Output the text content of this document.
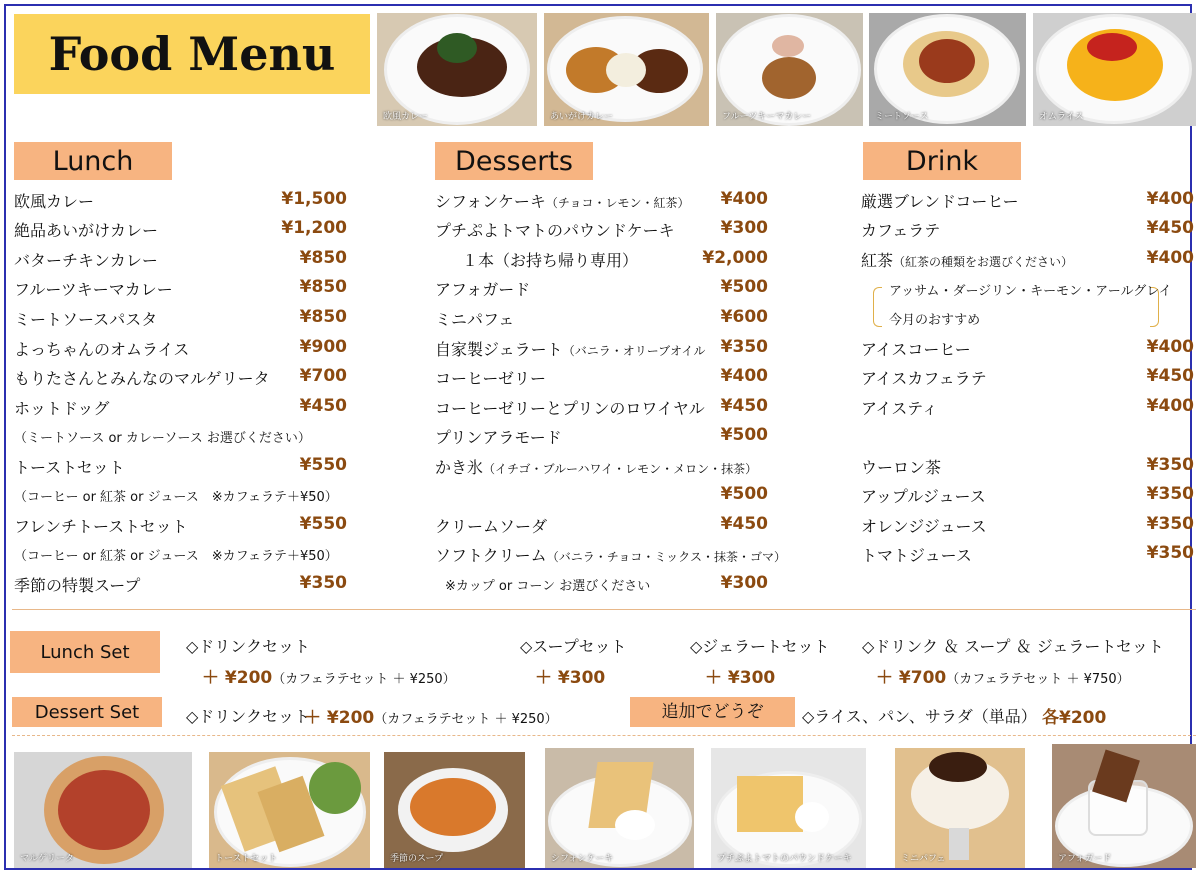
Food Menu
欧風カレー	あいがけカレー	フルーツキーマカレー	ミートソース	オムライス
Lunch	Desserts	Drink
欧風カレー	¥1,500
絶品あいがけカレー	¥1,200
バターチキンカレー	¥850
フルーツキーマカレー	¥850
ミートソースパスタ	¥850
よっちゃんのオムライス	¥900
もりたさんとみんなのマルゲリータ	¥700
ホットドッグ	¥450
（ミートソース or カレーソース お選びください）
トーストセット	¥550
（コーヒー or 紅茶 or ジュース　※カフェラテ＋¥50）
フレンチトーストセット	¥550
（コーヒー or 紅茶 or ジュース　※カフェラテ＋¥50）
季節の特製スープ	¥350
シフォンケーキ（チョコ・レモン・紅茶）	¥400
プチぷよトマトのパウンドケーキ	¥300
１本（お持ち帰り専用）	¥2,000
アフォガード	¥500
ミニパフェ	¥600
自家製ジェラート（バニラ・オリーブオイル ¥350
コーヒーゼリー	¥400
コーヒーゼリーとプリンのロワイヤル ¥450
プリンアラモード	¥500
かき氷（イチゴ・ブルーハワイ・レモン・メロン・抹茶）
¥500
クリームソーダ	¥450
ソフトクリーム（バニラ・チョコ・ミックス・抹茶・ゴマ）
※カップ or コーン お選びください	¥300
厳選ブレンドコーヒー	¥400
カフェラテ	¥450
紅茶（紅茶の種類をお選びください）	¥400
アッサム・ダージリン・キーモン・アールグレイ
今月のおすすめ
アイスコーヒー	¥400
アイスカフェラテ	¥450
アイスティ	¥400
ウーロン茶	¥350
アップルジュース	¥350
オレンジジュース	¥350
トマトジュース	¥350
Lunch Set	◇ドリンクセット
＋ ¥200（カフェラテセット ＋ ¥250）
◇スープセット
＋ ¥300
◇ジェラートセット
＋ ¥300
◇ドリンク ＆ スープ ＆ ジェラートセット
＋ ¥700（カフェラテセット ＋ ¥750）
Dessert Set	◇ドリンクセット
＋ ¥200（カフェラテセット ＋ ¥250）	追加でどうぞ	◇ライス、パン、サラダ（単品） 各¥200
マルゲリータ	トーストセット	季節のスープ	シフォンケーキ	プチぷよトマトのパウンドケーキ	ミニパフェ	アフォガード
